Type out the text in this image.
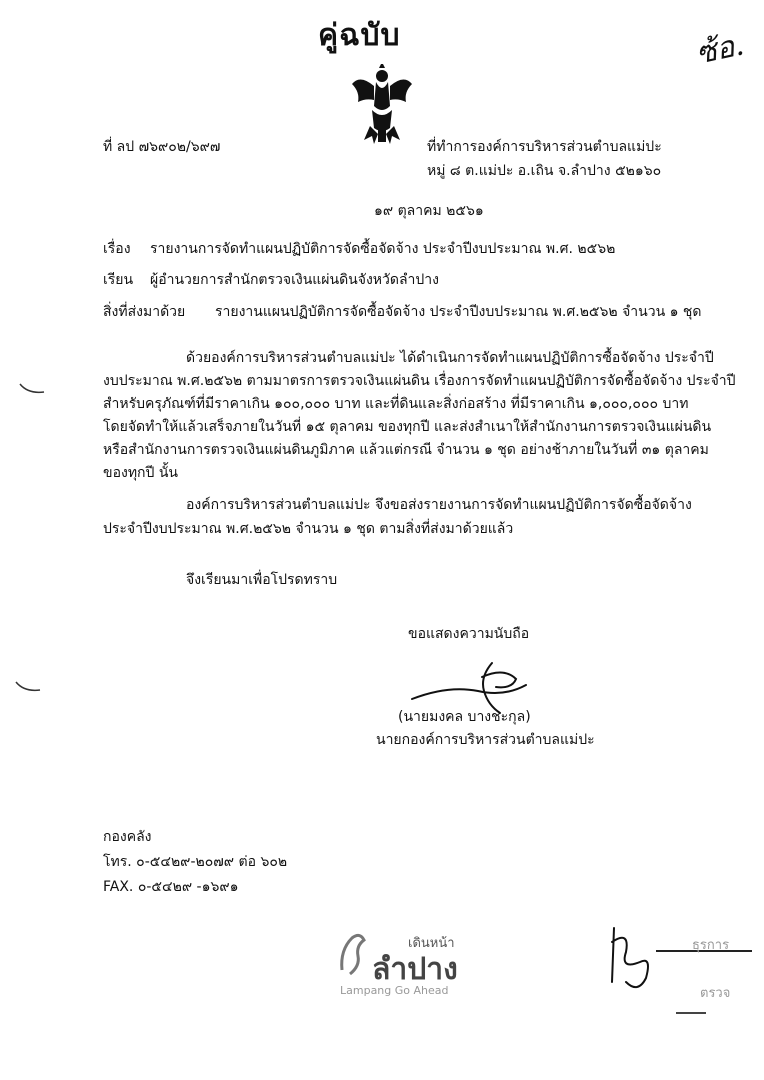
คู่ฉบับ	ซ้อ.
ที่ ลป ๗๖๙๐๒/๖๙๗	ที่ทำการองค์การบริหารส่วนตำบลแม่ปะ
หมู่ ๘ ต.แม่ปะ อ.เถิน จ.ลำปาง ๕๒๑๖๐
๑๙ ตุลาคม ๒๕๖๑
เรื่อง รายงานการจัดทำแผนปฏิบัติการจัดซื้อจัดจ้าง ประจำปีงบประมาณ พ.ศ. ๒๕๖๒
เรียน ผู้อำนวยการสำนักตรวจเงินแผ่นดินจังหวัดลำปาง
สิ่งที่ส่งมาด้วย รายงานแผนปฏิบัติการจัดซื้อจัดจ้าง ประจำปีงบประมาณ พ.ศ.๒๕๖๒ จำนวน ๑ ชุด
ด้วยองค์การบริหารส่วนตำบลแม่ปะ ได้ดำเนินการจัดทำแผนปฏิบัติการซื้อจัดจ้าง ประจำปี
งบประมาณ พ.ศ.๒๕๖๒ ตามมาตรการตรวจเงินแผ่นดิน เรื่องการจัดทำแผนปฏิบัติการจัดซื้อจัดจ้าง ประจำปี
สำหรับครุภัณฑ์ที่มีราคาเกิน ๑๐๐,๐๐๐ บาท และที่ดินและสิ่งก่อสร้าง ที่มีราคาเกิน ๑,๐๐๐,๐๐๐ บาท
โดยจัดทำให้แล้วเสร็จภายในวันที่ ๑๕ ตุลาคม ของทุกปี และส่งสำเนาให้สำนักงานการตรวจเงินแผ่นดิน
หรือสำนักงานการตรวจเงินแผ่นดินภูมิภาค แล้วแต่กรณี จำนวน ๑ ชุด อย่างช้าภายในวันที่ ๓๑ ตุลาคม
ของทุกปี นั้น
องค์การบริหารส่วนตำบลแม่ปะ จึงขอส่งรายงานการจัดทำแผนปฏิบัติการจัดซื้อจัดจ้าง
ประจำปีงบประมาณ พ.ศ.๒๕๖๒ จำนวน ๑ ชุด ตามสิ่งที่ส่งมาด้วยแล้ว
จึงเรียนมาเพื่อโปรดทราบ
ขอแสดงความนับถือ
(นายมงคล บางชะกุล)
นายกองค์การบริหารส่วนตำบลแม่ปะ
กองคลัง
โทร. ๐-๕๔๒๙-๒๐๗๙ ต่อ ๖๐๒
FAX. ๐-๕๔๒๙ -๑๖๙๑
เดินหน้า
ลำปาง
Lampang Go Ahead
ธุรการ
ตรวจ
